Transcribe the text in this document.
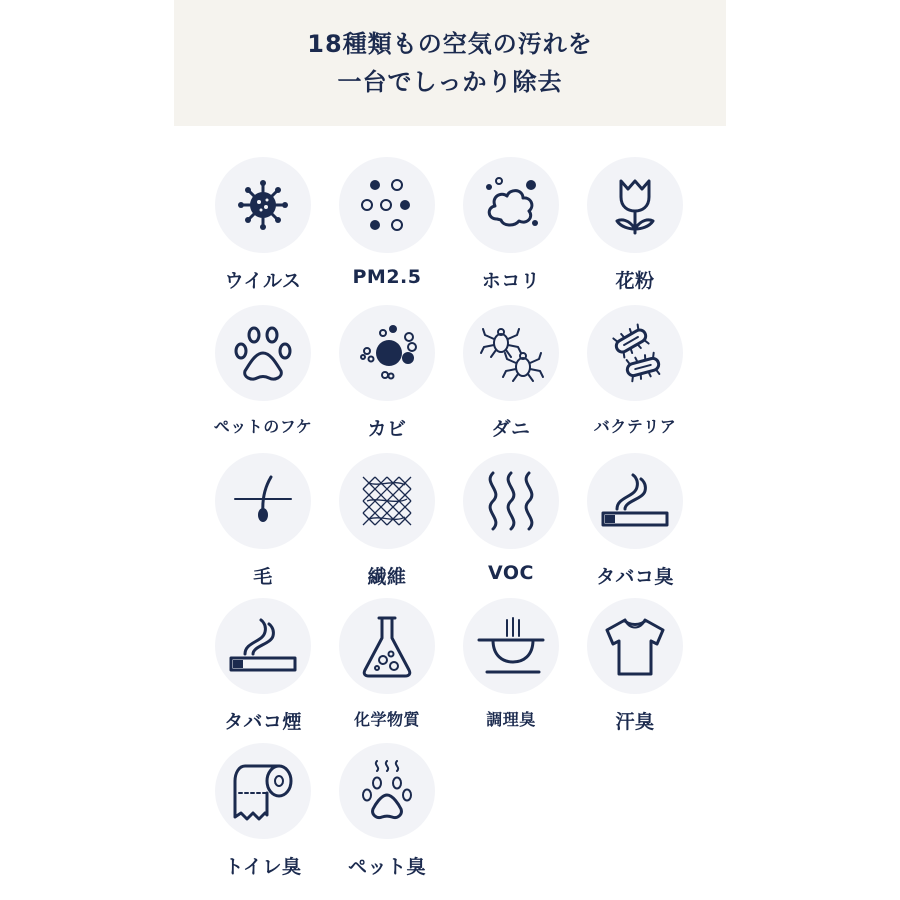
18種類もの空気の汚れを
一台でしっかり除去
ウイルス	PM2.5	ホコリ	花粉
ペットのフケ	カビ	ダニ	バクテリア
毛	繊維	VOC	タバコ臭
タバコ煙	化学物質	調理臭	汗臭
トイレ臭	ペット臭
